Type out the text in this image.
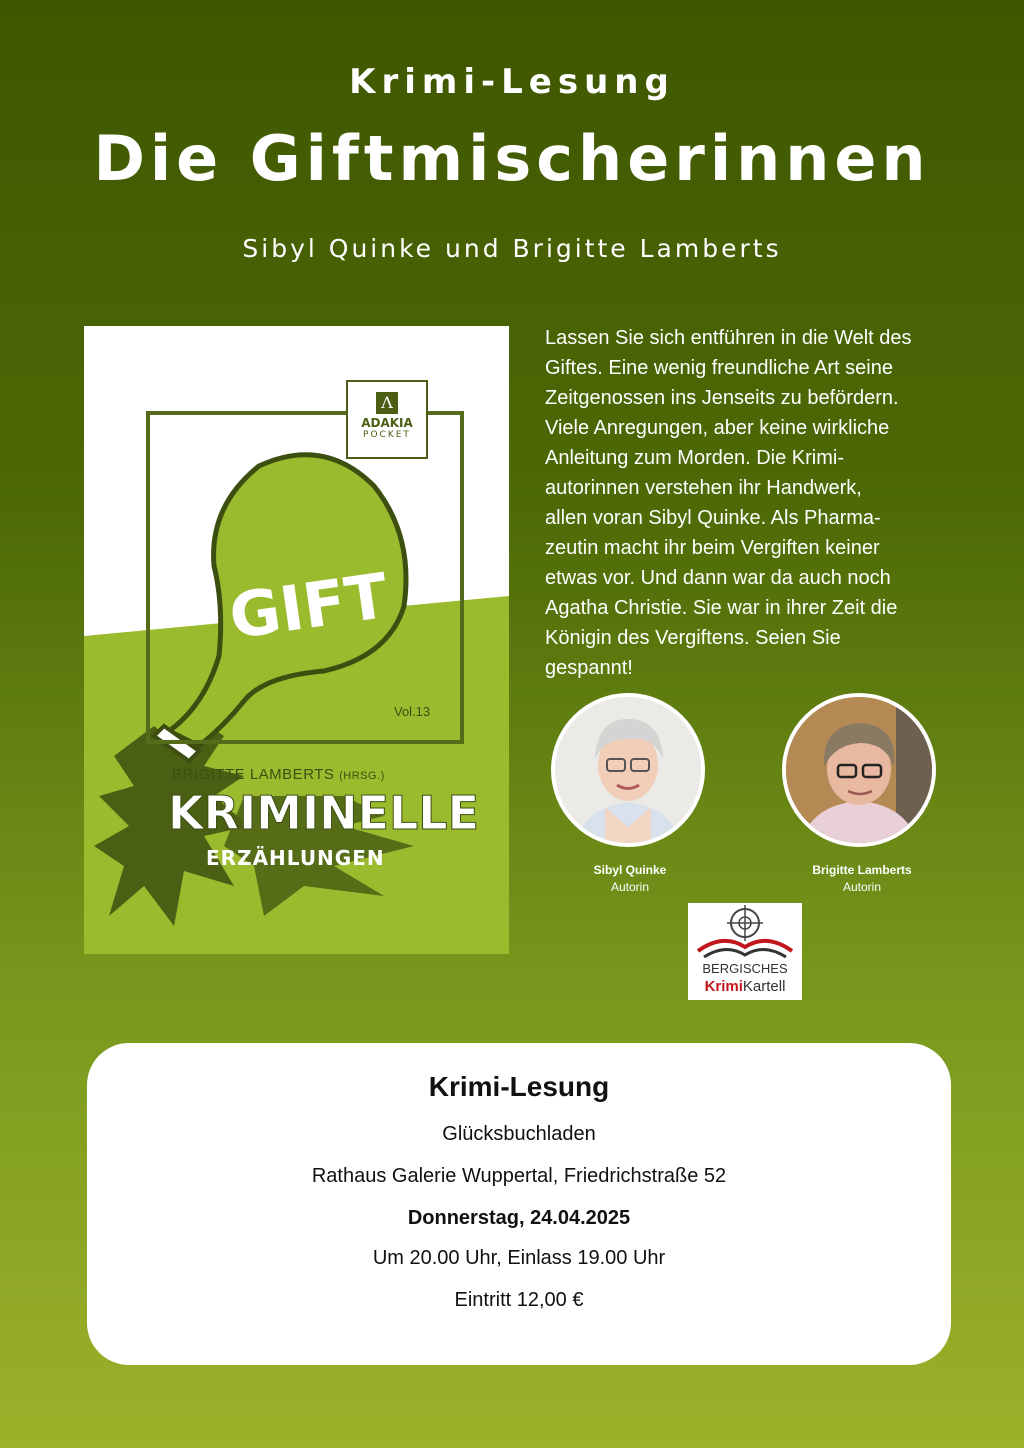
Krimi-Lesung
Die Giftmischerinnen
Sibyl Quinke und Brigitte Lamberts
GIFT
Λ
ADAKIA
POCKET
Vol.13
BRIGITTE LAMBERTS (HRSG.)
KRIMINELLE
ERZÄHLUNGEN
Lassen Sie sich entführen in die Welt des
Giftes. Eine wenig freundliche Art seine
Zeitgenossen ins Jenseits zu befördern.
Viele Anregungen, aber keine wirkliche
Anleitung zum Morden. Die Krimi-
autorinnen verstehen ihr Handwerk,
allen voran Sibyl Quinke. Als Pharma-
zeutin macht ihr beim Vergiften keiner
etwas vor. Und dann war da auch noch
Agatha Christie. Sie war in ihrer Zeit die
Königin des Vergiftens. Seien Sie
gespannt!
Sibyl Quinke
Autorin
Brigitte Lamberts
Autorin
BERGISCHES
KrimiKartell
Krimi-Lesung
Glücksbuchladen
Rathaus Galerie Wuppertal, Friedrichstraße 52
Donnerstag, 24.04.2025
Um 20.00 Uhr, Einlass 19.00 Uhr
Eintritt 12,00 €
